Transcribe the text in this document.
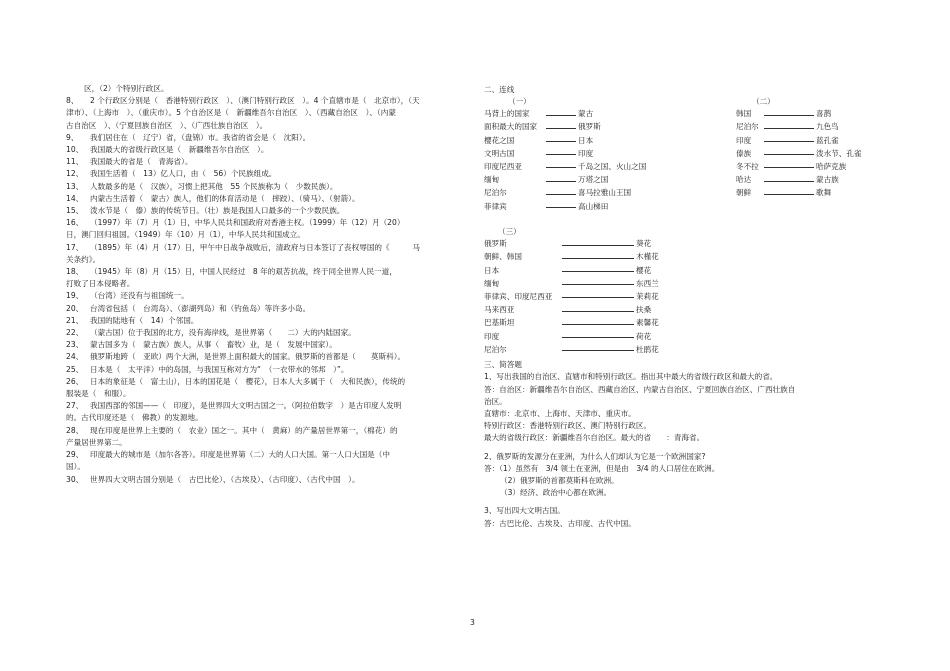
区，（2）个特别行政区。
8、 2 个行政区分别是（　香港特别行政区　）、（澳门特别行政区　）。4 个直辖市是（　北京市），（天
津市）、（上海市　）、（重庆市）。5 个自治区是（　新疆维吾尔自治区　）、（西藏自治区　）、（内蒙
古自治区　）、（宁夏回族自治区　）、（广西壮族自治区　）。
9、 我们居住在（　辽宁）省，（盘锦）市。我省的省会是（　沈阳）。
10、 我国最大的省级行政区是（　新疆维吾尔自治区　）。
11、 我国最大的省是（　青海省）。
12、 我国生活着（　13）亿人口，由（　56）个民族组成。
13、 人数最多的是（　汉族），习惯上把其他　55 个民族称为（　少数民族）。
14、 内蒙古生活着（　蒙古）族人，他们的体育活动是（　摔跤）、（骑马）、（射箭）。
15、 泼水节是（　傣）族的传统节日。（壮）族是我国人口最多的一个少数民族。
16、 （1997）年（7）月（1）日，中华人民共和国政府对香港主权。（1999）年（12）月（20）
日，澳门回归祖国。（1949）年（10）月（1），中华人民共和国成立。
17、 （1895）年（4）月（17）日，甲午中日战争战败后，清政府与日本签订了丧权辱国的《　　　马
关条约》。
18、 （1945）年（8）月（15）日，中国人民经过　8 年的艰苦抗战，终于同全世界人民一道，
打败了日本侵略者。
19、 （台湾）还没有与祖国统一。
20、 台湾省包括（　台湾岛）、（澎湖列岛）和（钓鱼岛）等许多小岛。
21、 我国的陆地有（　14）个邻国。
22、 （蒙古国）位于我国的北方，没有海岸线，是世界第（　　二）大的内陆国家。
23、 蒙古国多为（　蒙古族）族人，从事（　畜牧）业，是（　发展中国家）。
24、 俄罗斯地跨（　亚欧）两个大洲，是世界上面积最大的国家。俄罗斯的首都是（　　莫斯科）。
25、 日本是（　太平洋）中的岛国，与我国互称对方为“　（一衣带水的邻邦　）”。
26、 日本的象征是（　富士山），日本的国花是（　樱花），日本人大多属于（　大和民族），传统的
服装是（　和服）。
27、 我国西部的邻国——（　印度），是世界四大文明古国之一。（阿拉伯数字　）是古印度人发明
的。古代印度还是（　佛教）的发源地。
28、 现在印度是世界上主要的（　农业）国之一。其中（　黄麻）的产量居世界第一，（棉花）的
产量居世界第二。
29、 印度最大的城市是（加尔各答）。印度是世界第（二）大的人口大国。第一人口大国是（中
国）。
30、 世界四大文明古国分别是（　古巴比伦）、（古埃及）、（古印度）、（古代中国　）。
二、连线
（一）	（二）
马背上的国家	蒙古
面积最大的国家	俄罗斯
樱花之国	日本
文明古国	印度
印度尼西亚	千岛之国、火山之国
缅甸	万塔之国
尼泊尔	喜马拉雅山王国
菲律宾	高山梯田
韩国	喜鹊
尼泊尔	九色鸟
印度	蓝孔雀
傣族	泼水节、孔雀
冬不拉	哈萨克族
哈达	蒙古族
朝鲜	歌舞
（三）
俄罗斯	葵花
朝鲜、韩国	木槿花
日本	樱花
缅甸	东西兰
菲律宾、印度尼西亚	茉莉花
马来西亚	扶桑
巴基斯坦	素馨花
印度	荷花
尼泊尔	杜鹃花
三、简答题
1、写出我国的自治区、直辖市和特别行政区。指出其中最大的省级行政区和最大的省。
答：自治区：新疆维吾尔自治区、西藏自治区、内蒙古自治区、宁夏回族自治区、广西壮族自
治区。
直辖市：北京市、上海市、天津市、重庆市。
特别行政区：香港特别行政区、澳门特别行政区。
最大的省级行政区：新疆维吾尔自治区。最大的省　　：青海省。
2、俄罗斯的发源分在亚洲，为什么人们却认为它是一个欧洲国家?
答：（1）虽然有　3/4 领土在亚洲，但是由　3/4 的人口居住在欧洲。
（2）俄罗斯的首都莫斯科在欧洲。
（3）经济、政治中心都在欧洲。
3、写出四大文明古国。
答：古巴比伦、古埃及、古印度、古代中国。
3
